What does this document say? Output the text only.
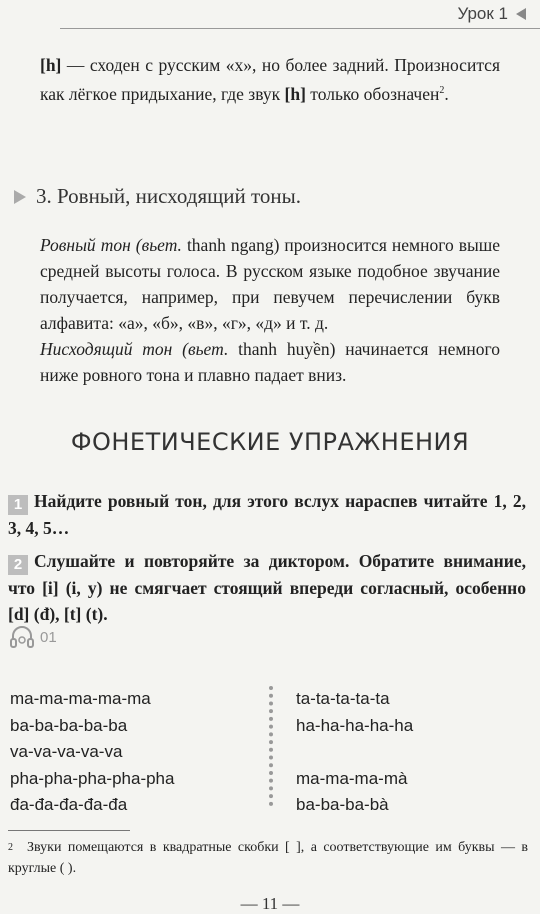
Урок 1

[h] — сходен с русским «х», но более задний. Произносится как лёгкое придыхание, где звук [h] только обозначен$^2$.

3. Ровный, нисходящий тоны.

Ровный тон (вьет. thanh ngang) произносится немного выше средней высоты голоса. В русском языке подобное звучание получается, например, при певучем перечислении букв алфавита: «а», «б», «в», «г», «д» и т. д.

Нисходящий тон (вьет. thanh huyền) начинается немного ниже ровного тона и плавно падает вниз.

ФОНЕТИЧЕСКИЕ УПРАЖНЕНИЯ
1 Найдите ровный тон, для этого вслух нараспев читайте 1, 2, 3, 4, 5…
2 Слушайте и повторяйте за диктором. Обратите внимание, что [i] (i, y) не смягчает стоящий впереди согласный, особенно [d] (đ), [t] (t).
01
ma-ma-ma-ma-ma
ba-ba-ba-ba-ba
va-va-va-va-va
pha-pha-pha-pha-pha
đa-đa-đa-đa-đa
ta-ta-ta-ta-ta
ha-ha-ha-ha-ha
ma-ma-ma-mà
ba-ba-ba-bà
$^2$ Звуки помещаются в квадратные скобки [ ], а соответствующие им буквы — в круглые ( ).
— 11 —
